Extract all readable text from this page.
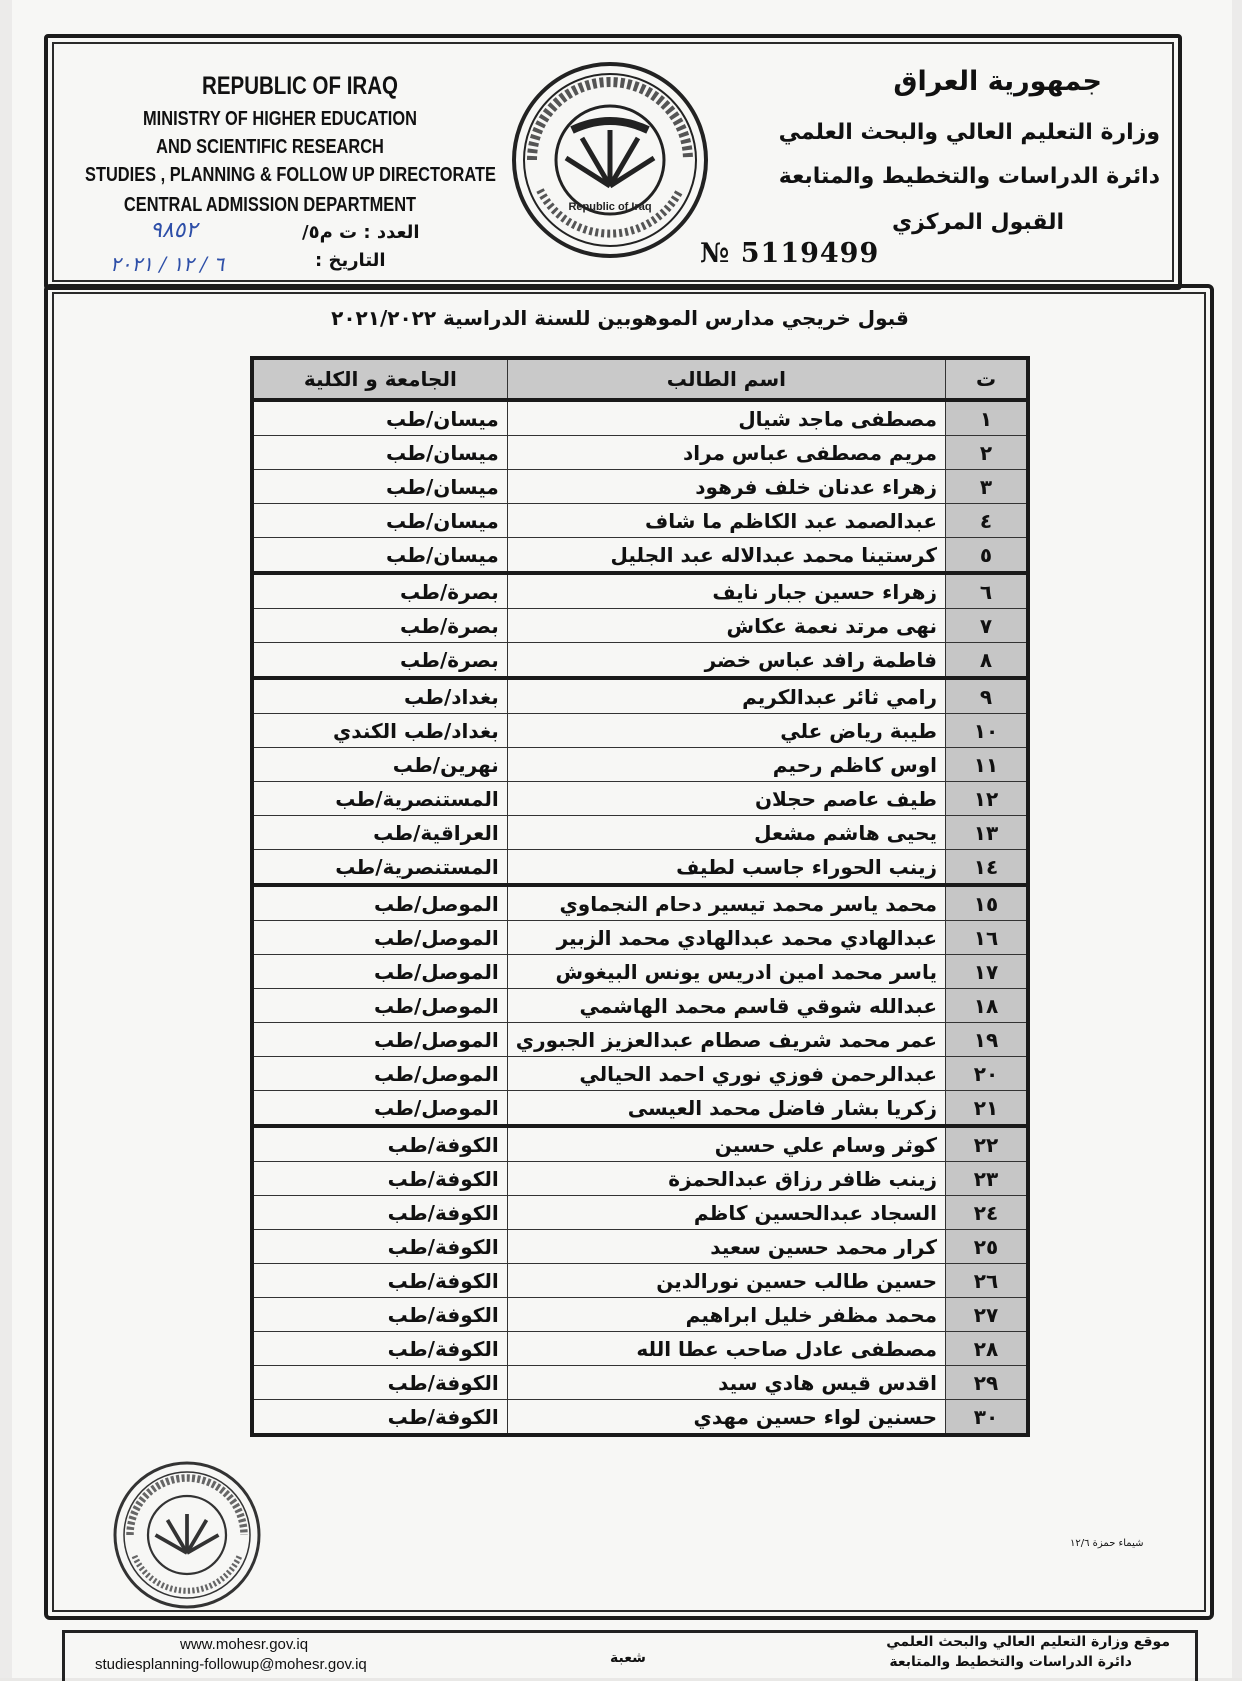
REPUBLIC OF IRAQ
MINISTRY OF HIGHER EDUCATION
AND SCIENTIFIC RESEARCH
STUDIES , PLANNING & FOLLOW UP DIRECTORATE
CENTRAL ADMISSION DEPARTMENT
العدد : ت م٥/
٩٨٥٢
التاريخ :
٦ / ١٢ / ٢٠٢١
Republic of Iraq
جمهورية العراق
وزارة التعليم العالي والبحث العلمي
دائرة الدراسات والتخطيط والمتابعة
القبول المركزي
№ 5119499
قبول خريجي مدارس الموهوبين للسنة الدراسية ٢٠٢١/٢٠٢٢
ت	اسم الطالب	الجامعة و الكلية
١	مصطفى ماجد شيال	ميسان/طب
٢	مريم مصطفى عباس مراد	ميسان/طب
٣	زهراء عدنان خلف فرهود	ميسان/طب
٤	عبدالصمد عبد الكاظم ما شاف	ميسان/طب
٥	كرستينا محمد عبدالاله عبد الجليل	ميسان/طب
٦	زهراء حسين جبار نايف	بصرة/طب
٧	نهى مرتد نعمة عكاش	بصرة/طب
٨	فاطمة رافد عباس خضر	بصرة/طب
٩	رامي ثائر عبدالكريم	بغداد/طب
١٠	طيبة رياض علي	بغداد/طب الكندي
١١	اوس كاظم رحيم	نهرين/طب
١٢	طيف عاصم حجلان	المستنصرية/طب
١٣	يحيى هاشم مشعل	العراقية/طب
١٤	زينب الحوراء جاسب لطيف	المستنصرية/طب
١٥	محمد ياسر محمد تيسير دحام النجماوي	الموصل/طب
١٦	عبدالهادي محمد عبدالهادي محمد الزبير	الموصل/طب
١٧	ياسر محمد امين ادريس يونس البيغوش	الموصل/طب
١٨	عبدالله شوقي قاسم محمد الهاشمي	الموصل/طب
١٩	عمر محمد شريف صطام عبدالعزيز الجبوري	الموصل/طب
٢٠	عبدالرحمن فوزي نوري احمد الحيالي	الموصل/طب
٢١	زكريا بشار فاضل محمد العيسى	الموصل/طب
٢٢	كوثر وسام علي حسين	الكوفة/طب
٢٣	زينب ظافر رزاق عبدالحمزة	الكوفة/طب
٢٤	السجاد عبدالحسين كاظم	الكوفة/طب
٢٥	كرار محمد حسين سعيد	الكوفة/طب
٢٦	حسين طالب حسين نورالدين	الكوفة/طب
٢٧	محمد مظفر خليل ابراهيم	الكوفة/طب
٢٨	مصطفى عادل صاحب عطا الله	الكوفة/طب
٢٩	اقدس قيس هادي سيد	الكوفة/طب
٣٠	حسنين لواء حسين مهدي	الكوفة/طب
شيماء حمزة ١٢/٦
www.mohesr.gov.iq
studiesplanning-followup@mohesr.gov.iq	شعبة
موقع وزارة التعليم العالي والبحث العلمي
دائرة الدراسات والتخطيط والمتابعة
